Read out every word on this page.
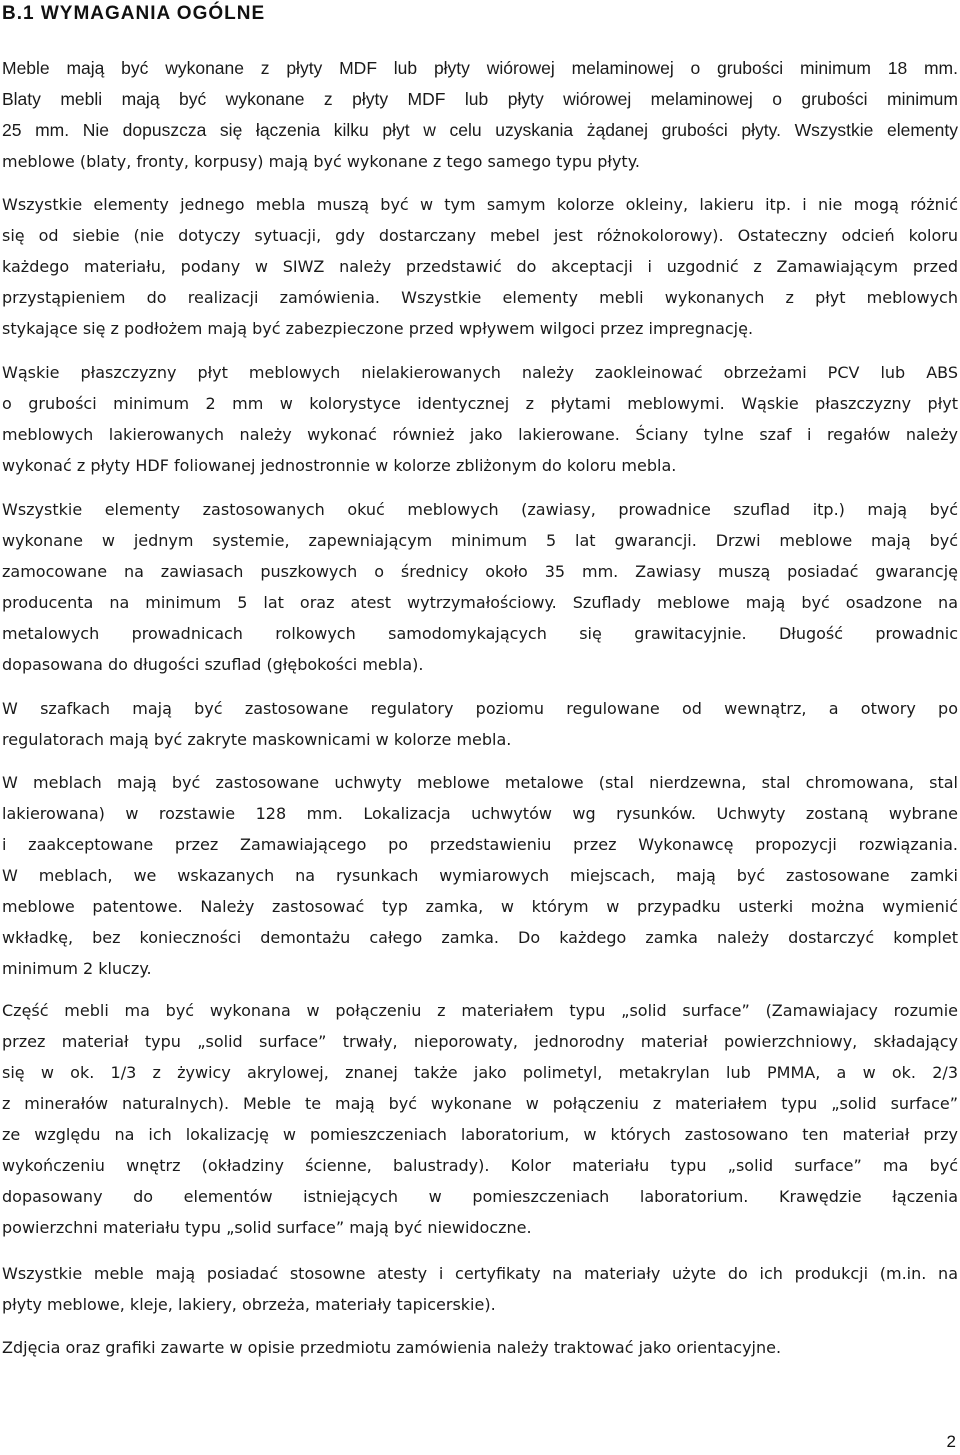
B.1 WYMAGANIA OGÓLNE
Meble mają być wykonane z płyty MDF lub płyty wiórowej melaminowej o grubości minimum 18 mm.
Blaty mebli mają być wykonane z płyty MDF lub płyty wiórowej melaminowej o grubości minimum
25 mm. Nie dopuszcza się łączenia kilku płyt w celu uzyskania żądanej grubości płyty. Wszystkie elementy
meblowe (blaty, fronty, korpusy) mają być wykonane z tego samego typu płyty.
Wszystkie elementy jednego mebla muszą być w tym samym kolorze okleiny, lakieru itp. i nie mogą różnić
się od siebie (nie dotyczy sytuacji, gdy dostarczany mebel jest różnokolorowy). Ostateczny odcień koloru
każdego materiału, podany w SIWZ należy przedstawić do akceptacji i uzgodnić z Zamawiającym przed
przystąpieniem do realizacji zamówienia. Wszystkie elementy mebli wykonanych z płyt meblowych
stykające się z podłożem mają być zabezpieczone przed wpływem wilgoci przez impregnację.
Wąskie płaszczyzny płyt meblowych nielakierowanych należy zaokleinować obrzeżami PCV lub ABS
o grubości minimum 2 mm w kolorystyce identycznej z płytami meblowymi. Wąskie płaszczyzny płyt
meblowych lakierowanych należy wykonać również jako lakierowane. Ściany tylne szaf i regałów należy
wykonać z płyty HDF foliowanej jednostronnie w kolorze zbliżonym do koloru mebla.
Wszystkie elementy zastosowanych okuć meblowych (zawiasy, prowadnice szuflad itp.) mają być
wykonane w jednym systemie, zapewniającym minimum 5 lat gwarancji. Drzwi meblowe mają być
zamocowane na zawiasach puszkowych o średnicy około 35 mm. Zawiasy muszą posiadać gwarancję
producenta na minimum 5 lat oraz atest wytrzymałościowy. Szuflady meblowe mają być osadzone na
metalowych prowadnicach rolkowych samodomykających się grawitacyjnie. Długość prowadnic
dopasowana do długości szuflad (głębokości mebla).
W szafkach mają być zastosowane regulatory poziomu regulowane od wewnątrz, a otwory po
regulatorach mają być zakryte maskownicami w kolorze mebla.
W meblach mają być zastosowane uchwyty meblowe metalowe (stal nierdzewna, stal chromowana, stal
lakierowana) w rozstawie 128 mm. Lokalizacja uchwytów wg rysunków. Uchwyty zostaną wybrane
i zaakceptowane przez Zamawiającego po przedstawieniu przez Wykonawcę propozycji rozwiązania.
W meblach, we wskazanych na rysunkach wymiarowych miejscach, mają być zastosowane zamki
meblowe patentowe. Należy zastosować typ zamka, w którym w przypadku usterki można wymienić
wkładkę, bez konieczności demontażu całego zamka. Do każdego zamka należy dostarczyć komplet
minimum 2 kluczy.
Część mebli ma być wykonana w połączeniu z materiałem typu „solid surface” (Zamawiajacy rozumie
przez materiał typu „solid surface” trwały, nieporowaty, jednorodny materiał powierzchniowy, składający
się w ok. 1/3 z żywicy akrylowej, znanej także jako polimetyl, metakrylan lub PMMA, a w ok. 2/3
z minerałów naturalnych). Meble te mają być wykonane w połączeniu z materiałem typu „solid surface”
ze względu na ich lokalizację w pomieszczeniach laboratorium, w których zastosowano ten materiał przy
wykończeniu wnętrz (okładziny ścienne, balustrady). Kolor materiału typu „solid surface” ma być
dopasowany do elementów istniejących w pomieszczeniach laboratorium. Krawędzie łączenia
powierzchni materiału typu „solid surface” mają być niewidoczne.
Wszystkie meble mają posiadać stosowne atesty i certyfikaty na materiały użyte do ich produkcji (m.in. na
płyty meblowe, kleje, lakiery, obrzeża, materiały tapicerskie).
Zdjęcia oraz grafiki zawarte w opisie przedmiotu zamówienia należy traktować jako orientacyjne.
2
